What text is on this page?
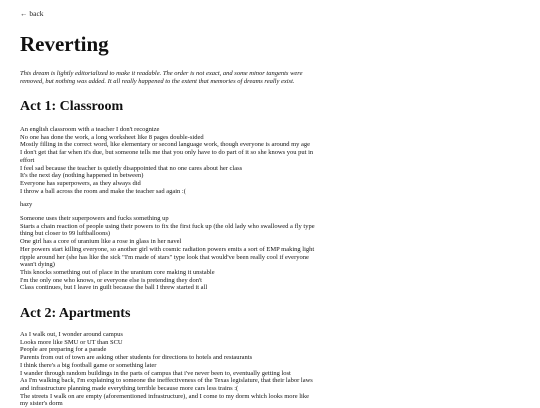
← back
Reverting

This dream is lightly editorialized to make it readable. The order is not exact, and some minor tangents were removed, but nothing was added. It all really happened to the extent that memories of dreams really exist.

Act 1: Classroom
An english classroom with a teacher I don't recognize
No one has done the work, a long worksheet like 8 pages double-sided
Mostly filling in the correct word, like elementary or second language work, though everyone is around my age
I don't get that far when it's due, but someone tells me that you only have to do part of it so she knows you put in effort
I feel sad because the teacher is quietly disappointed that no one cares about her class
It's the next day (nothing happened in between)
Everyone has superpowers, as they always did
I throw a ball across the room and make the teacher sad again :(
hazy
Someone uses their superpowers and fucks something up
Starts a chain reaction of people using their powers to fix the first fuck up (the old lady who swallowed a fly type thing but closer to 99 luftballoons)
One girl has a core of uranium like a rose in glass in her navel
Her powers start killing everyone, so another girl with cosmic radiation powers emits a sort of EMP making light ripple around her (she has like the sick "I'm made of stars" type look that would've been really cool if everyone wasn't dying)
This knocks something out of place in the uranium core making it unstable
I'm the only one who knows, or everyone else is pretending they don't
Class continues, but I leave in guilt because the ball I threw started it all
Act 2: Apartments
As I walk out, I wonder around campus
Looks more like SMU or UT than SCU
People are preparing for a parade
Parents from out of town are asking other students for directions to hotels and restaurants
I think there's a big football game or something later
I wander through random buildings in the parts of campus that i've never been to, eventually getting lost
As I'm walking back, I'm explaining to someone the ineffectiveness of the Texas legislature, that their labor laws and infrastructure planning made everything terrible because more cars less trains :(
The streets I walk on are empty (aforementioned infrastructure), and I come to my dorm which looks more like my sister's dorm
